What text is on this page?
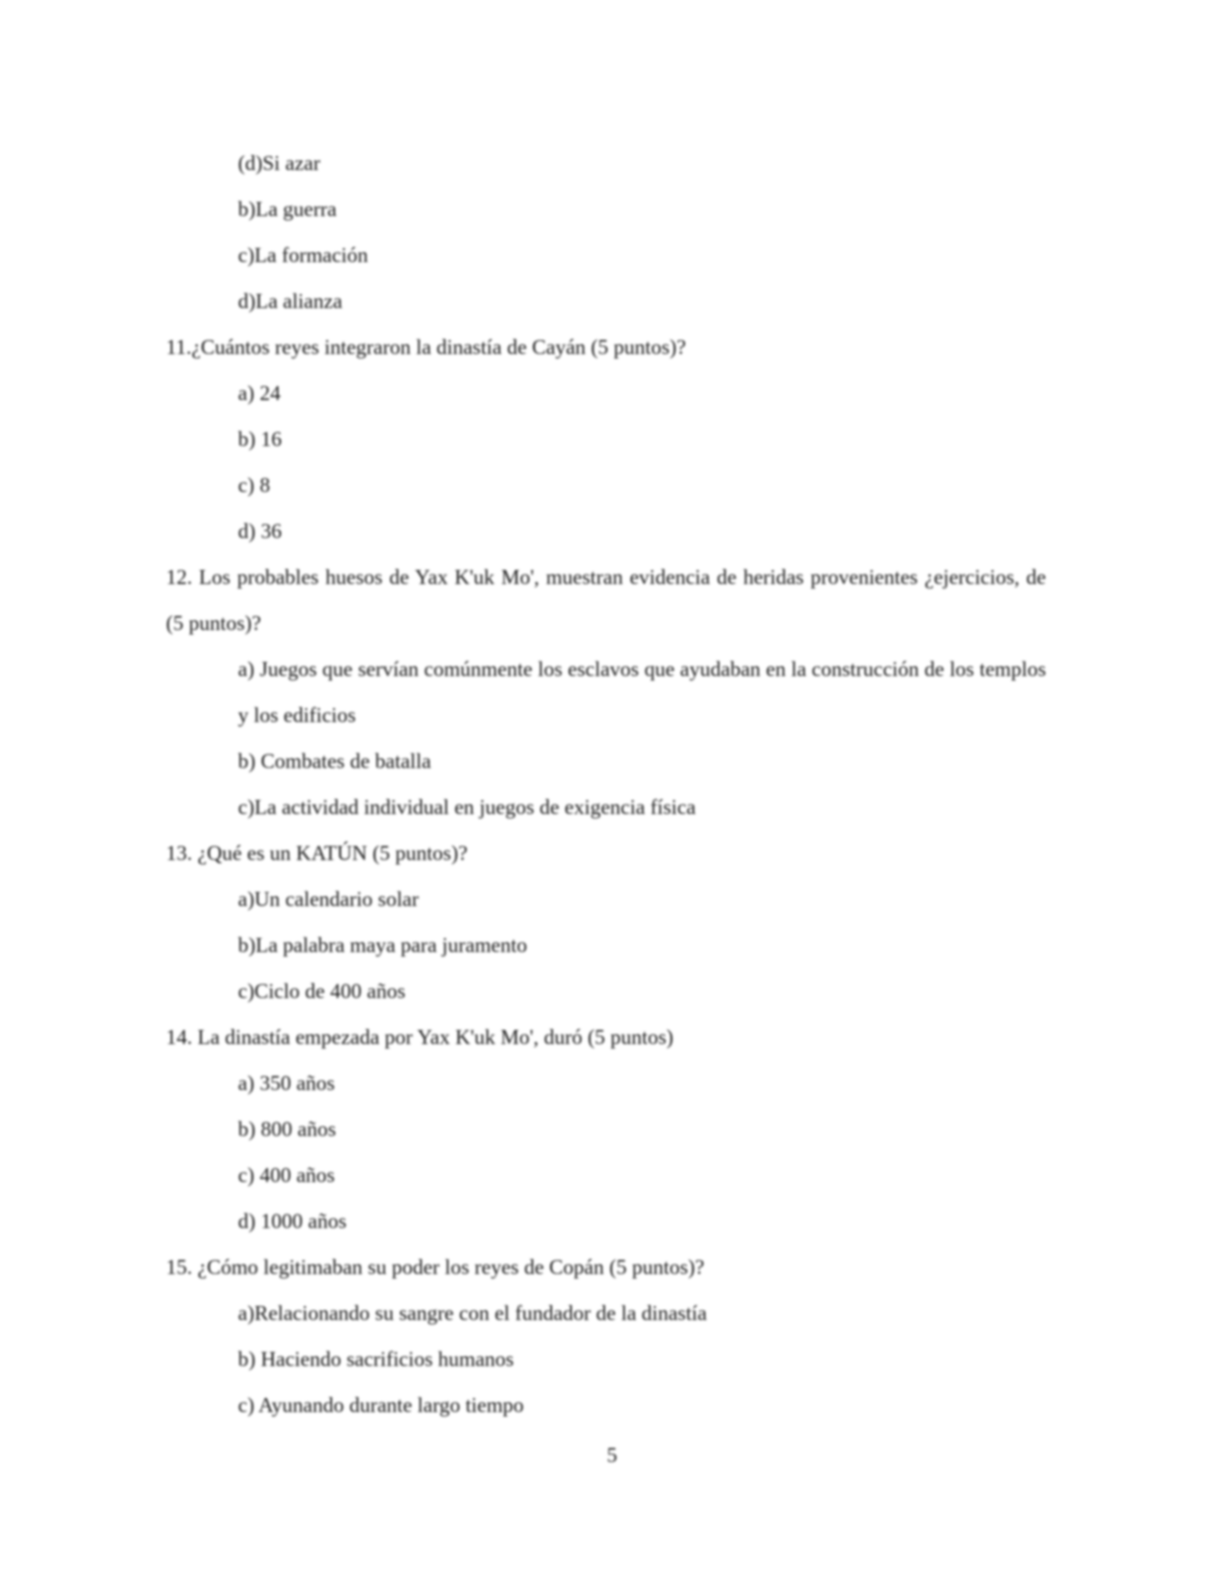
(d)Si azar
b)La guerra
c)La formación
d)La alianza
11.¿Cuántos reyes integraron la dinastía de Cayán (5 puntos)?
a) 24
b) 16
c) 8
d) 36
12. Los probables huesos de Yax K'uk Mo', muestran evidencia de heridas provenientes ¿ejercicios, de (5 puntos)?
a) Juegos que servían comúnmente los esclavos que ayudaban en la construcción de los templos y los edificios
b) Combates de batalla
c)La actividad individual en juegos de exigencia física
13. ¿Qué es un KATÚN (5 puntos)?
a)Un calendario solar
b)La palabra maya para juramento
c)Ciclo de 400 años
14. La dinastía empezada por Yax K'uk Mo', duró (5 puntos)
a) 350 años
b) 800 años
c) 400 años
d) 1000 años
15. ¿Cómo legitimaban su poder los reyes de Copán (5 puntos)?
a)Relacionando su sangre con el fundador de la dinastía
b) Haciendo sacrificios humanos
c) Ayunando durante largo tiempo
5
